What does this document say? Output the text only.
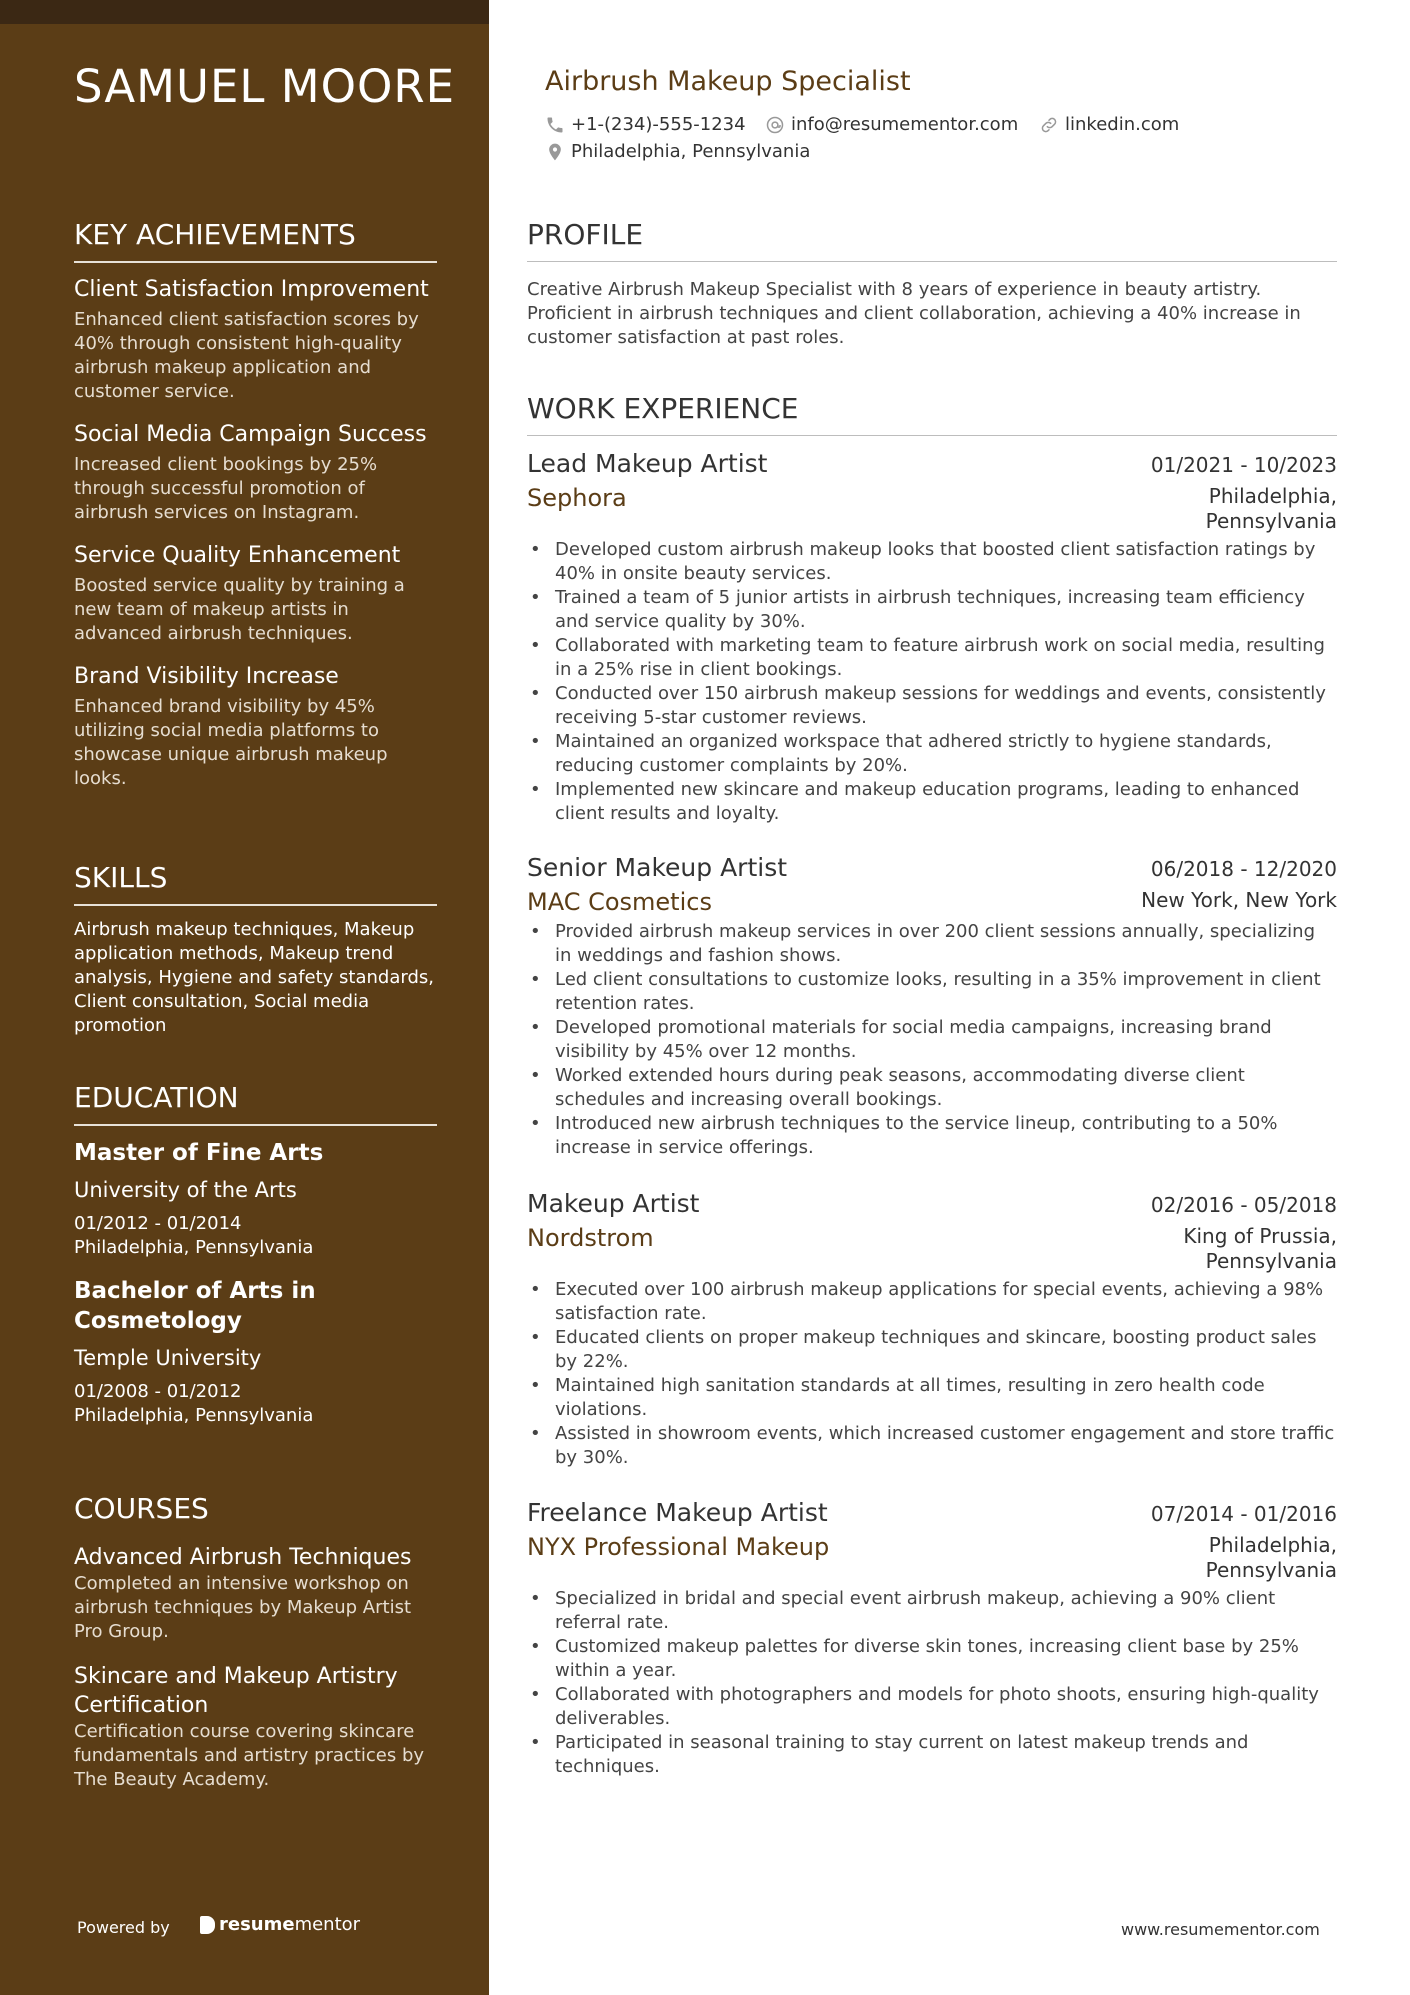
SAMUEL MOORE
KEY ACHIEVEMENTS
Client Satisfaction Improvement
Enhanced client satisfaction scores by 40% through consistent high-quality airbrush makeup application and customer service.
Social Media Campaign Success
Increased client bookings by 25% through successful promotion of airbrush services on Instagram.
Service Quality Enhancement
Boosted service quality by training a new team of makeup artists in advanced airbrush techniques.
Brand Visibility Increase
Enhanced brand visibility by 45% utilizing social media platforms to showcase unique airbrush makeup looks.
SKILLS
Airbrush makeup techniques, Makeup application methods, Makeup trend analysis, Hygiene and safety standards, Client consultation, Social media promotion
EDUCATION
Master of Fine Arts
University of the Arts
01/2012 - 01/2014
Philadelphia, Pennsylvania
Bachelor of Arts in Cosmetology
Temple University
01/2008 - 01/2012
Philadelphia, Pennsylvania
COURSES
Advanced Airbrush Techniques
Completed an intensive workshop on airbrush techniques by Makeup Artist Pro Group.
Skincare and Makeup Artistry Certification
Certification course covering skincare fundamentals and artistry practices by The Beauty Academy.
Powered by	resume mentor
Airbrush Makeup Specialist
+1-(234)-555-1234	info@resumementor.com	linkedin.com
Philadelphia, Pennsylvania
PROFILE
Creative Airbrush Makeup Specialist with 8 years of experience in beauty artistry. Proficient in airbrush techniques and client collaboration, achieving a 40% increase in customer satisfaction at past roles.
WORK EXPERIENCE
Lead Makeup Artist	01/2021 - 10/2023
Sephora	Philadelphia,
Pennsylvania
• Developed custom airbrush makeup looks that boosted client satisfaction ratings by 40% in onsite beauty services.
• Trained a team of 5 junior artists in airbrush techniques, increasing team efficiency and service quality by 30%.
• Collaborated with marketing team to feature airbrush work on social media, resulting in a 25% rise in client bookings.
• Conducted over 150 airbrush makeup sessions for weddings and events, consistently receiving 5-star customer reviews.
• Maintained an organized workspace that adhered strictly to hygiene standards, reducing customer complaints by 20%.
• Implemented new skincare and makeup education programs, leading to enhanced client results and loyalty.
Senior Makeup Artist	06/2018 - 12/2020
MAC Cosmetics	New York, New York
• Provided airbrush makeup services in over 200 client sessions annually, specializing in weddings and fashion shows.
• Led client consultations to customize looks, resulting in a 35% improvement in client retention rates.
• Developed promotional materials for social media campaigns, increasing brand visibility by 45% over 12 months.
• Worked extended hours during peak seasons, accommodating diverse client schedules and increasing overall bookings.
• Introduced new airbrush techniques to the service lineup, contributing to a 50% increase in service offerings.
Makeup Artist	02/2016 - 05/2018
Nordstrom	King of Prussia,
Pennsylvania
• Executed over 100 airbrush makeup applications for special events, achieving a 98% satisfaction rate.
• Educated clients on proper makeup techniques and skincare, boosting product sales by 22%.
• Maintained high sanitation standards at all times, resulting in zero health code violations.
• Assisted in showroom events, which increased customer engagement and store traffic by 30%.
Freelance Makeup Artist	07/2014 - 01/2016
NYX Professional Makeup	Philadelphia,
Pennsylvania
• Specialized in bridal and special event airbrush makeup, achieving a 90% client referral rate.
• Customized makeup palettes for diverse skin tones, increasing client base by 25% within a year.
• Collaborated with photographers and models for photo shoots, ensuring high-quality deliverables.
• Participated in seasonal training to stay current on latest makeup trends and techniques.
www.resumementor.com
